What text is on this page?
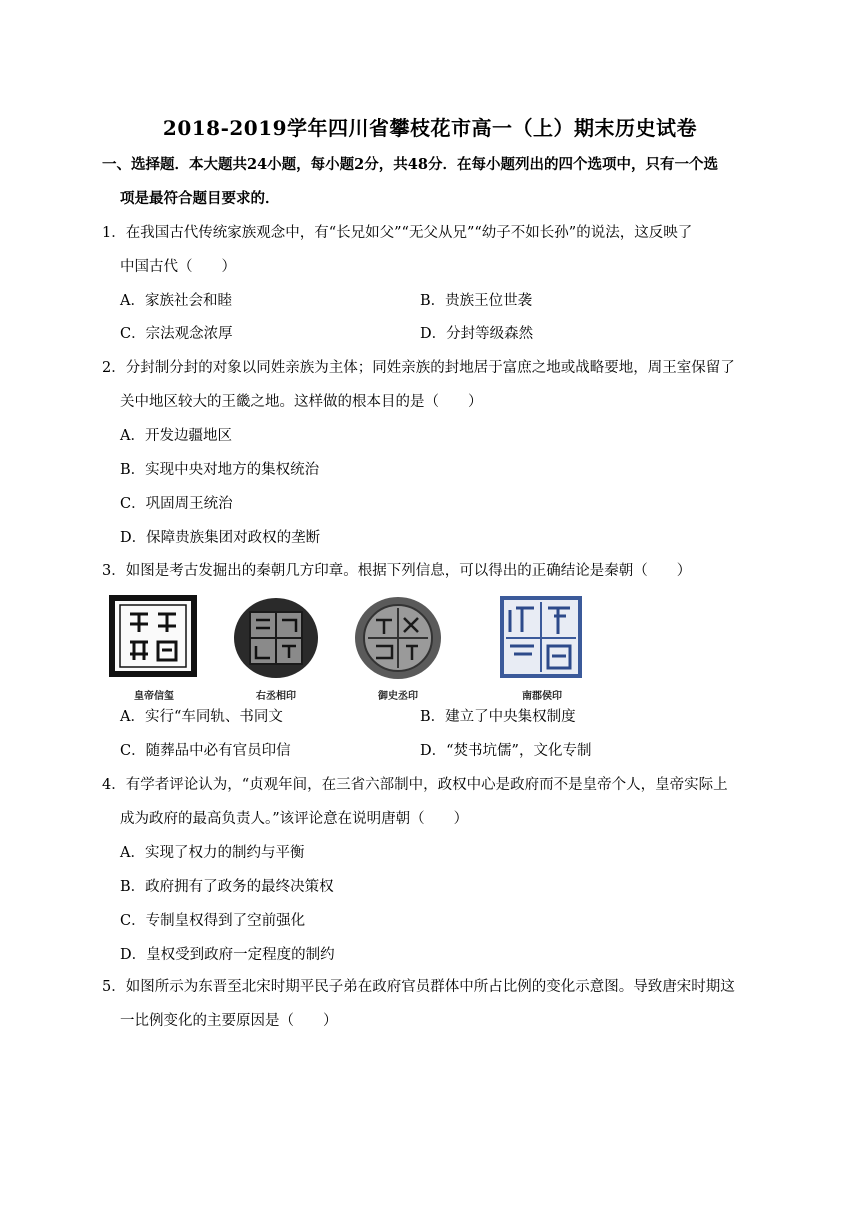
2018-2019学年四川省攀枝花市高一（上）期末历史试卷
一、选择题．本大题共24小题，每小题2分，共48分．在每小题列出的四个选项中，只有一个选
项是最符合题目要求的．
1．在我国古代传统家族观念中，有“长兄如父”“无父从兄”“幼子不如长孙”的说法，这反映了
中国古代（　　）
A．家族社会和睦	B．贵族王位世袭
C．宗法观念浓厚	D．分封等级森然
2．分封制分封的对象以同姓亲族为主体；同姓亲族的封地居于富庶之地或战略要地，周王室保留了
关中地区较大的王畿之地。这样做的根本目的是（　　）
A．开发边疆地区
B．实现中央对地方的集权统治
C．巩固周王统治
D．保障贵族集团对政权的垄断
3．如图是考古发掘出的秦朝几方印章。根据下列信息，可以得出的正确结论是秦朝（　　）
皇帝信玺	右丞相印	御史丞印	南郡侯印
A．实行“车同轨、书同文	B．建立了中央集权制度
C．随葬品中必有官员印信	D．“焚书坑儒”，文化专制
4．有学者评论认为，“贞观年间，在三省六部制中，政权中心是政府而不是皇帝个人，皇帝实际上
成为政府的最高负责人。”该评论意在说明唐朝（　　）
A．实现了权力的制约与平衡
B．政府拥有了政务的最终决策权
C．专制皇权得到了空前强化
D．皇权受到政府一定程度的制约
5．如图所示为东晋至北宋时期平民子弟在政府官员群体中所占比例的变化示意图。导致唐宋时期这
一比例变化的主要原因是（　　）
